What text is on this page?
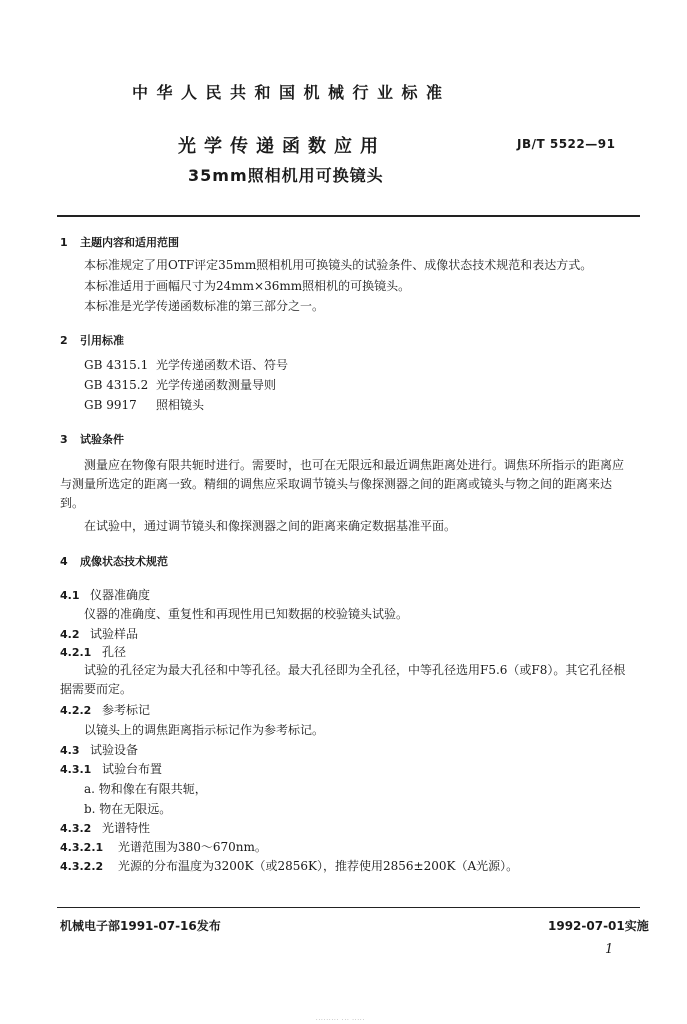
中华人民共和国机械行业标准
光学传递函数应用
35mm照相机用可换镜头
JB/T 5522—91
1 主题内容和适用范围
本标准规定了用OTF评定35mm照相机用可换镜头的试验条件、成像状态技术规范和表达方式。
本标准适用于画幅尺寸为24mm×36mm照相机的可换镜头。
本标准是光学传递函数标准的第三部分之一。
2 引用标准
GB 4315.1 光学传递函数术语、符号
GB 4315.2 光学传递函数测量导则
GB 9917 照相镜头
3 试验条件
测量应在物像有限共轭时进行。需要时，也可在无限远和最近调焦距离处进行。调焦环所指示的距离应与测量所选定的距离一致。精细的调焦应采取调节镜头与像探测器之间的距离或镜头与物之间的距离来达到。
在试验中，通过调节镜头和像探测器之间的距离来确定数据基准平面。
4 成像状态技术规范
4.1 仪器准确度
仪器的准确度、重复性和再现性用已知数据的校验镜头试验。
4.2 试验样品
4.2.1 孔径
试验的孔径定为最大孔径和中等孔径。最大孔径即为全孔径，中等孔径选用F5.6（或F8）。其它孔径根据需要而定。
4.2.2 参考标记
以镜头上的调焦距离指示标记作为参考标记。
4.3 试验设备
4.3.1 试验台布置
a. 物和像在有限共轭，
b. 物在无限远。
4.3.2 光谱特性
4.3.2.1 光谱范围为380～670nm。
4.3.2.2 光源的分布温度为3200K（或2856K），推荐使用2856±200K（A光源）。
机械电子部1991-07-16发布	1992-07-01实施
1
········· ··· ·····
